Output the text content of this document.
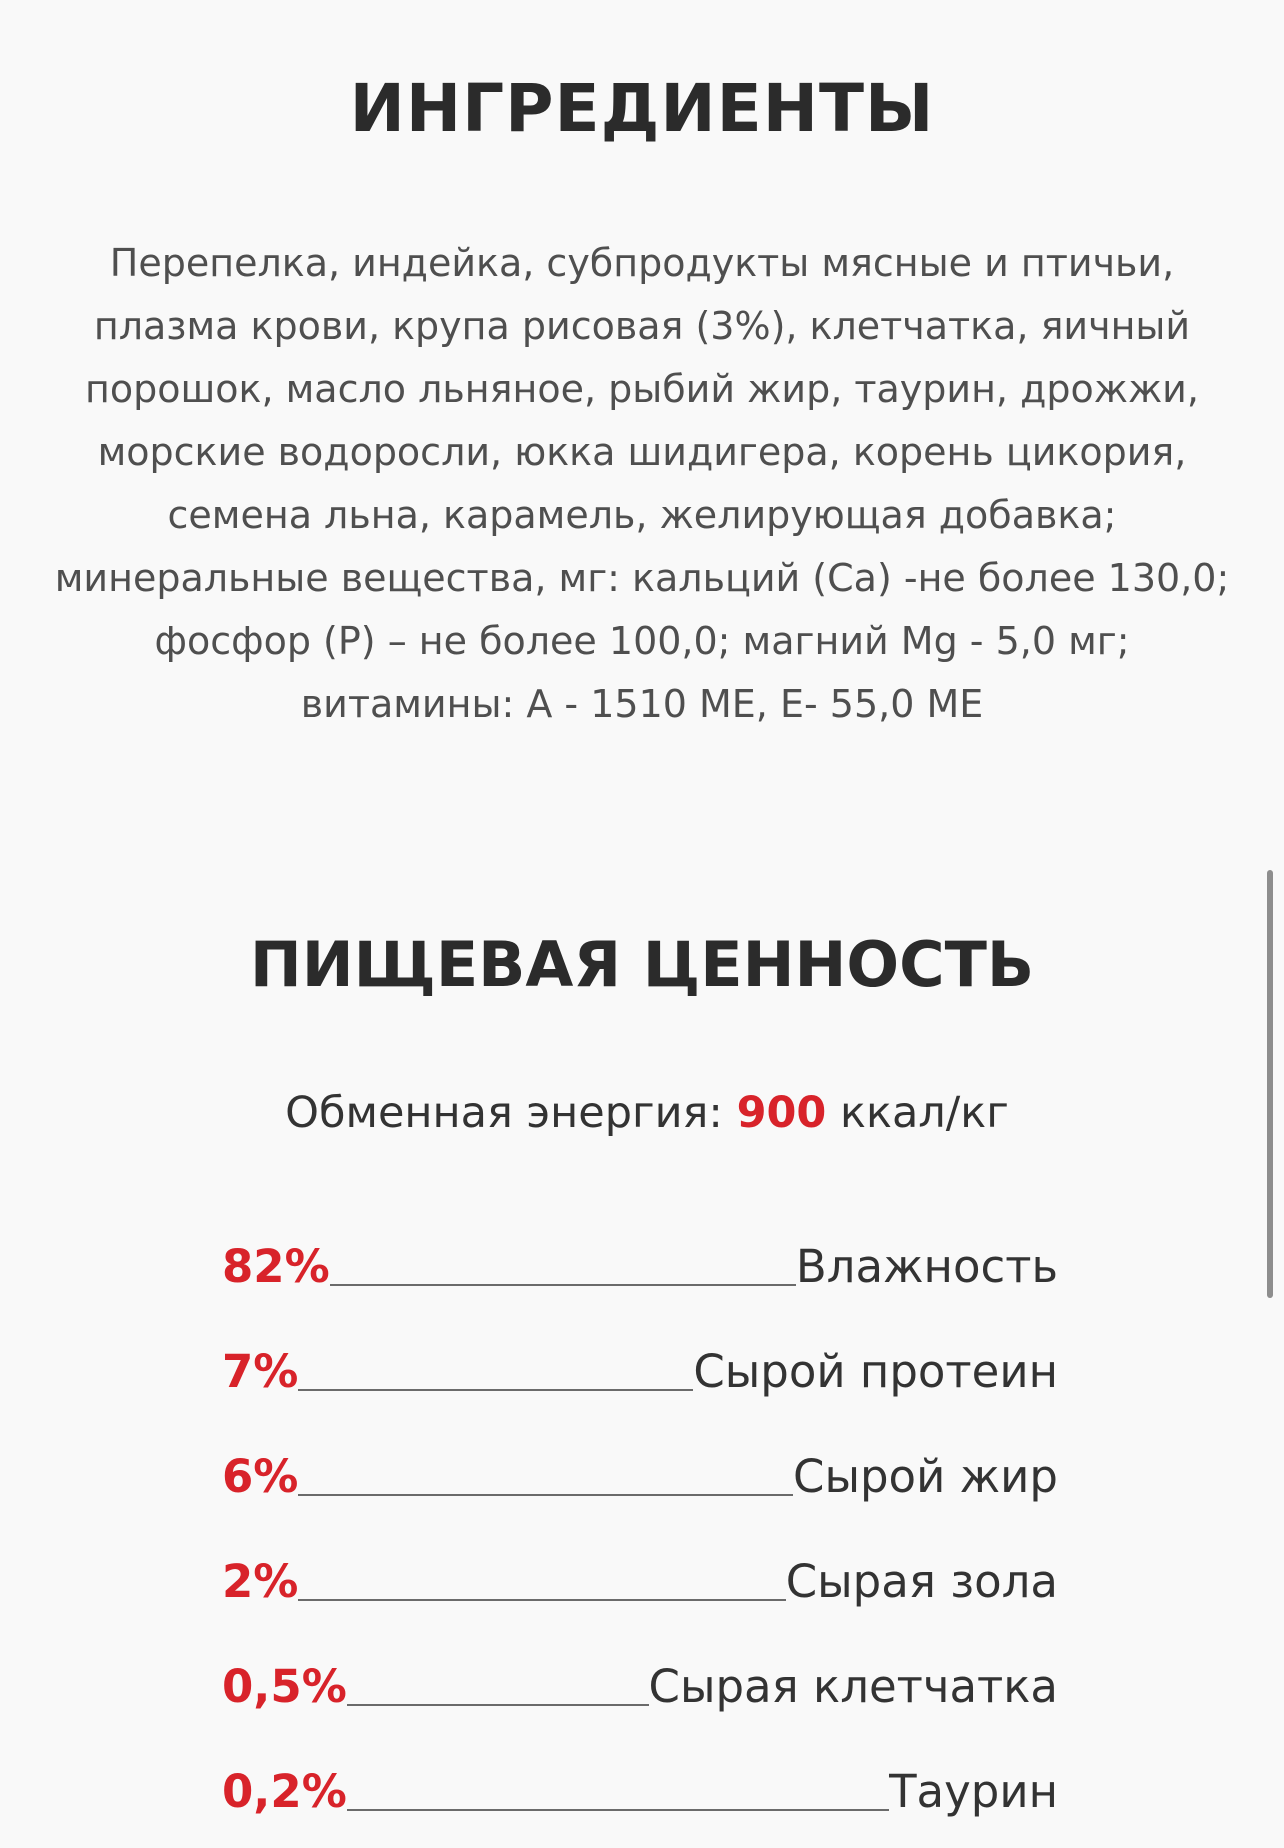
ИНГРЕДИЕНТЫ

Перепелка, индейка, субпродукты мясные и птичьи,
плазма крови, крупа рисовая (3%), клетчатка, яичный
порошок, масло льняное, рыбий жир, таурин, дрожжи,
морские водоросли, юкка шидигера, корень цикория,
семена льна, карамель, желирующая добавка;
минеральные вещества, мг: кальций (Ca) -не более 130,0;
фосфор (P) – не более 100,0; магний Mg - 5,0 мг;
витамины: А - 1510 МЕ, Е- 55,0 МЕ

ПИЩЕВАЯ ЦЕННОСТЬ

Обменная энергия: 900 ккал/кг

82%	Влажность
7%	Сырой протеин
6%	Сырой жир
2%	Сырая зола
0,5%	Сырая клетчатка
0,2%	Таурин
